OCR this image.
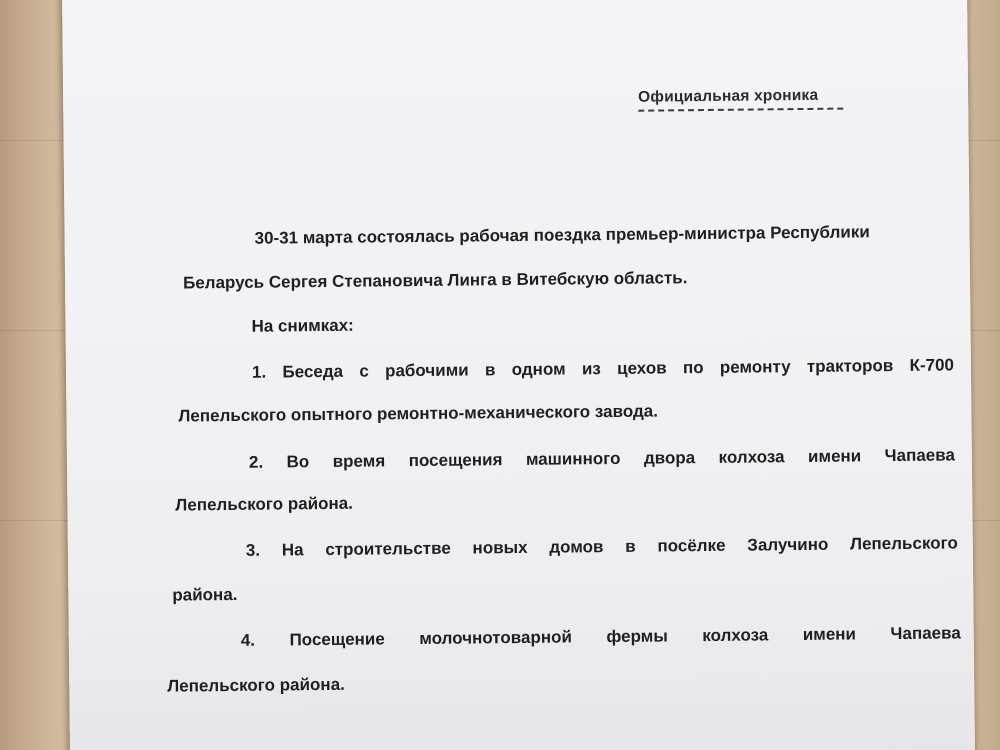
Официальная хроника
30-31 марта состоялась рабочая поездка премьер-министра Республики
Беларусь Сергея Степановича Линга в Витебскую область.
На снимках:
1. Беседа с рабочими в одном из цехов по ремонту тракторов К-700
Лепельского опытного ремонтно-механического завода.
2. Во время посещения машинного двора колхоза имени Чапаева
Лепельского района.
3. На строительстве новых домов в посёлке Залучино Лепельского
района.
4. Посещение молочнотоварной фермы колхоза имени Чапаева
Лепельского района.
